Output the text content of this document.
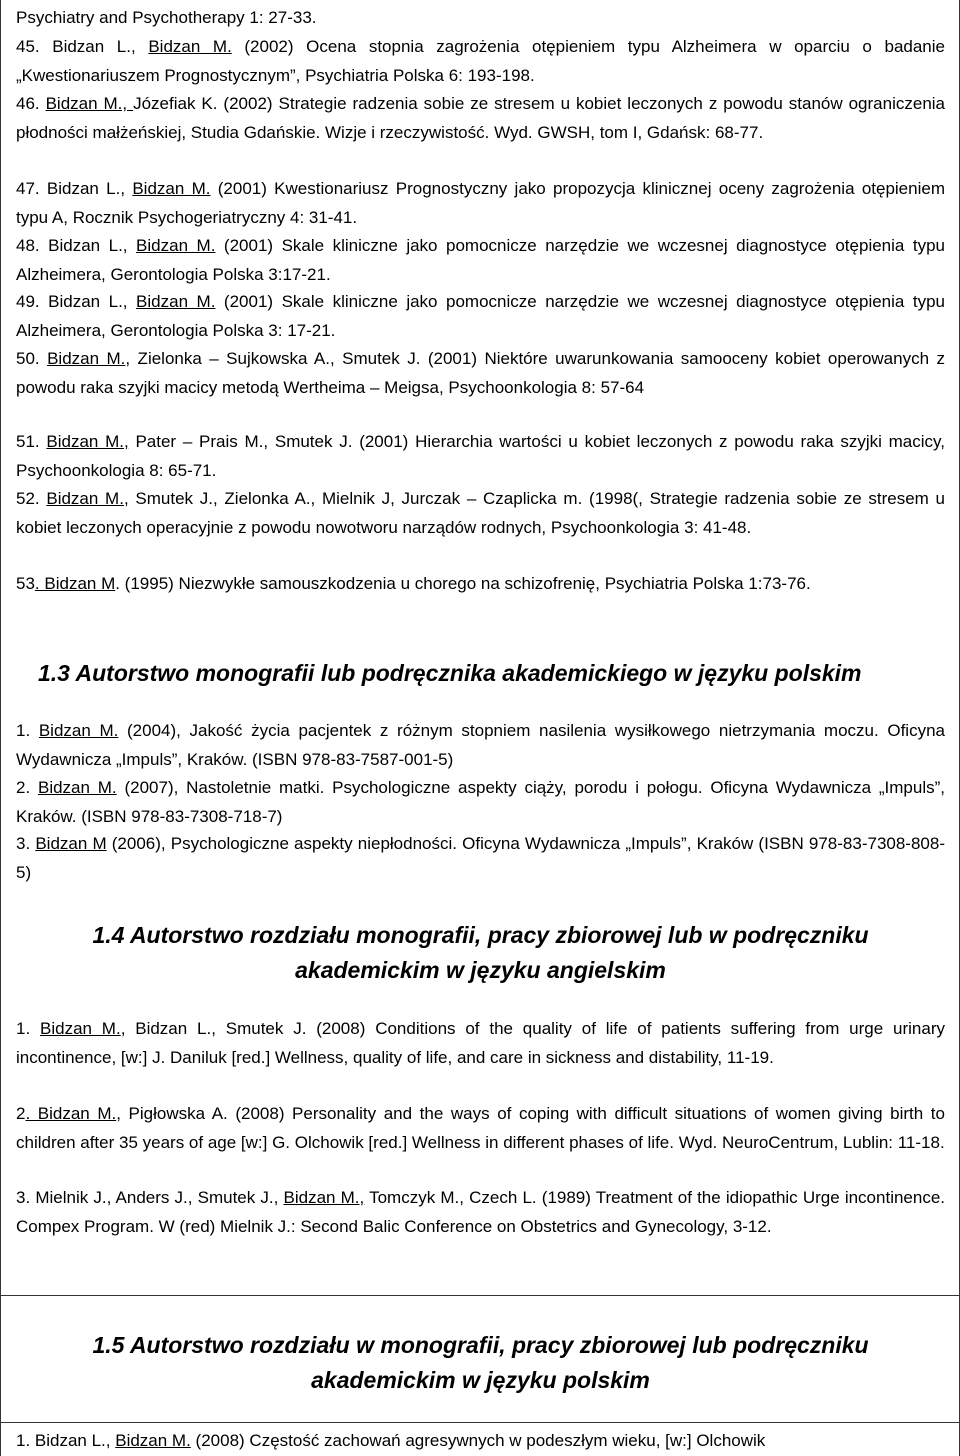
Psychiatry and Psychotherapy 1: 27-33.
45. Bidzan L., Bidzan M. (2002) Ocena stopnia zagrożenia otępieniem typu Alzheimera w oparciu o badanie „Kwestionariuszem Prognostycznym”, Psychiatria Polska 6: 193-198.
46. Bidzan M., Józefiak K. (2002) Strategie radzenia sobie ze stresem u kobiet leczonych z powodu stanów ograniczenia płodności małżeńskiej, Studia Gdańskie. Wizje i rzeczywistość. Wyd. GWSH, tom I, Gdańsk: 68-77.
47. Bidzan L., Bidzan M. (2001) Kwestionariusz Prognostyczny jako propozycja klinicznej oceny zagrożenia otępieniem typu A, Rocznik Psychogeriatryczny 4: 31-41.
48. Bidzan L., Bidzan M. (2001) Skale kliniczne jako pomocnicze narzędzie we wczesnej diagnostyce otępienia typu Alzheimera, Gerontologia Polska 3:17-21.
49. Bidzan L., Bidzan M. (2001) Skale kliniczne jako pomocnicze narzędzie we wczesnej diagnostyce otępienia typu Alzheimera, Gerontologia Polska 3: 17-21.
50. Bidzan M., Zielonka – Sujkowska A., Smutek J. (2001) Niektóre uwarunkowania samooceny kobiet operowanych z powodu raka szyjki macicy metodą Wertheima – Meigsa, Psychoonkologia 8: 57-64
51. Bidzan M., Pater – Prais M., Smutek J. (2001) Hierarchia wartości u kobiet leczonych z powodu raka szyjki macicy, Psychoonkologia 8: 65-71.
52. Bidzan M., Smutek J., Zielonka A., Mielnik J, Jurczak – Czaplicka m. (1998(, Strategie radzenia sobie ze stresem u kobiet leczonych operacyjnie z powodu nowotworu narządów rodnych, Psychoonkologia 3: 41-48.
53. Bidzan M. (1995) Niezwykłe samouszkodzenia u chorego na schizofrenię, Psychiatria Polska 1:73-76.
1.3 Autorstwo monografii lub podręcznika akademickiego w języku polskim
1. Bidzan M. (2004), Jakość życia pacjentek z różnym stopniem nasilenia wysiłkowego nietrzymania moczu. Oficyna Wydawnicza „Impuls”, Kraków. (ISBN 978-83-7587-001-5)
2. Bidzan M. (2007), Nastoletnie matki. Psychologiczne aspekty ciąży, porodu i połogu. Oficyna Wydawnicza „Impuls”, Kraków. (ISBN 978-83-7308-718-7)
3. Bidzan M (2006), Psychologiczne aspekty niepłodności. Oficyna Wydawnicza „Impuls”, Kraków (ISBN 978-83-7308-808-5)
1.4 Autorstwo rozdziału monografii, pracy zbiorowej lub w podręczniku
akademickim w języku angielskim
1. Bidzan M., Bidzan L., Smutek J. (2008) Conditions of the quality of life of patients suffering from urge urinary incontinence, [w:] J. Daniluk [red.] Wellness, quality of life, and care in sickness and distability, 11-19.
2. Bidzan M., Pigłowska A. (2008) Personality and the ways of coping with difficult situations of women giving birth to children after 35 years of age [w:] G. Olchowik [red.] Wellness in different phases of life. Wyd. NeuroCentrum, Lublin: 11-18.
3. Mielnik J., Anders J., Smutek J., Bidzan M., Tomczyk M., Czech L. (1989) Treatment of the idiopathic Urge incontinence. Compex Program. W (red) Mielnik J.: Second Balic Conference on Obstetrics and Gynecology, 3-12.
1.5 Autorstwo rozdziału w monografii, pracy zbiorowej lub podręczniku
akademickim w języku polskim
1. Bidzan L., Bidzan M. (2008) Częstość zachowań agresywnych w podeszłym wieku, [w:] Olchowik
